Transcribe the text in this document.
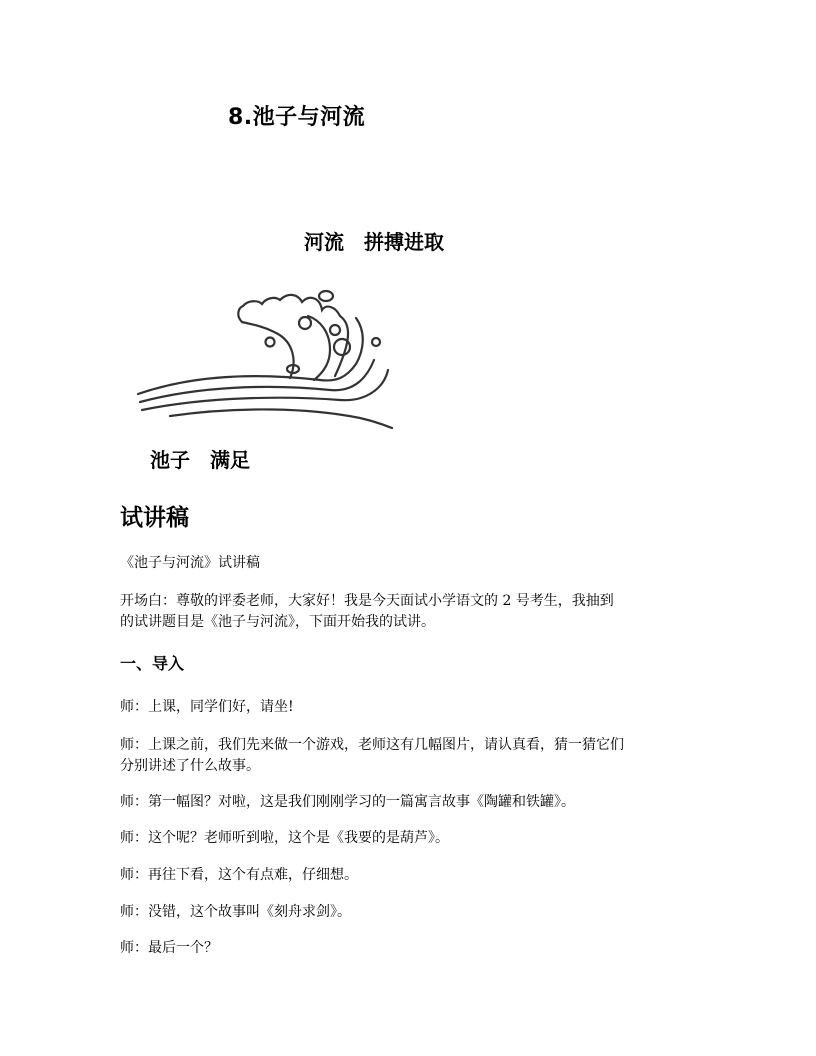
8.池子与河流
河流 拼搏进取
池子 满足
试讲稿

《池子与河流》试讲稿

开场白：尊敬的评委老师，大家好！我是今天面试小学语文的 2 号考生，我抽到

的试讲题目是《池子与河流》，下面开始我的试讲。

一、导入

师：上课，同学们好，请坐!

师：上课之前，我们先来做一个游戏，老师这有几幅图片，请认真看，猜一猜它们

分别讲述了什么故事。

师：第一幅图？对啦，这是我们刚刚学习的一篇寓言故事《陶罐和铁罐》。

师：这个呢？老师听到啦，这个是《我要的是葫芦》。

师：再往下看，这个有点难，仔细想。

师：没错，这个故事叫《刻舟求剑》。

师：最后一个？
